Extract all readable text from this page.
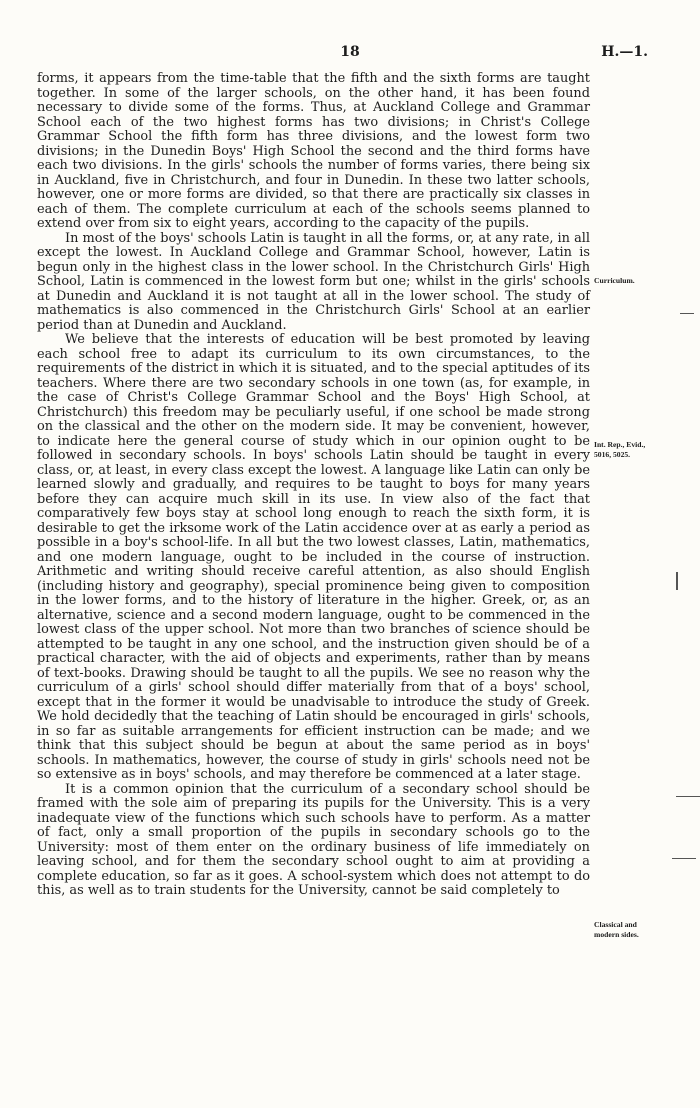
18	H.—1.

forms, it appears from the time-table that the fifth and the sixth forms are taught together. In some of the larger schools, on the other hand, it has been found necessary to divide some of the forms. Thus, at Auckland College and Grammar School each of the two highest forms has two divisions; in Christ's College Grammar School the fifth form has three divisions, and the lowest form two divisions; in the Dunedin Boys' High School the second and the third forms have each two divisions. In the girls' schools the number of forms varies, there being six in Auckland, five in Christchurch, and four in Dunedin. In these two latter schools, however, one or more forms are divided, so that there are practically six classes in each of them. The complete curriculum at each of the schools seems planned to extend over from six to eight years, according to the capacity of the pupils.

In most of the boys' schools Latin is taught in all the forms, or, at any rate, in all except the lowest. In Auckland College and Grammar School, however, Latin is begun only in the highest class in the lower school. In the Christchurch Girls' High School, Latin is commenced in the lowest form but one; whilst in the girls' schools at Dunedin and Auckland it is not taught at all in the lower school. The study of mathematics is also commenced in the Christchurch Girls' School at an earlier period than at Dunedin and Auckland.

We believe that the interests of education will be best promoted by leaving each school free to adapt its curriculum to its own circumstances, to the requirements of the district in which it is situated, and to the special aptitudes of its teachers. Where there are two secondary schools in one town (as, for example, in the case of Christ's College Grammar School and the Boys' High School, at Christchurch) this freedom may be peculiarly useful, if one school be made strong on the classical and the other on the modern side. It may be convenient, however, to indicate here the general course of study which in our opinion ought to be followed in secondary schools. In boys' schools Latin should be taught in every class, or, at least, in every class except the lowest. A language like Latin can only be learned slowly and gradually, and requires to be taught to boys for many years before they can acquire much skill in its use. In view also of the fact that comparatively few boys stay at school long enough to reach the sixth form, it is desirable to get the irksome work of the Latin accidence over at as early a period as possible in a boy's school-life. In all but the two lowest classes, Latin, mathematics, and one modern language, ought to be included in the course of instruction. Arithmetic and writing should receive careful attention, as also should English (including history and geography), special prominence being given to composition in the lower forms, and to the history of literature in the higher. Greek, or, as an alternative, science and a second modern language, ought to be commenced in the lowest class of the upper school. Not more than two branches of science should be attempted to be taught in any one school, and the instruction given should be of a practical character, with the aid of objects and experiments, rather than by means of text-books. Drawing should be taught to all the pupils. We see no reason why the curriculum of a girls' school should differ materially from that of a boys' school, except that in the former it would be unadvisable to introduce the study of Greek. We hold decidedly that the teaching of Latin should be encouraged in girls' schools, in so far as suitable arrangements for efficient instruction can be made; and we think that this subject should be begun at about the same period as in boys' schools. In mathematics, however, the course of study in girls' schools need not be so extensive as in boys' schools, and may therefore be commenced at a later stage.

It is a common opinion that the curriculum of a secondary school should be framed with the sole aim of preparing its pupils for the University. This is a very inadequate view of the functions which such schools have to perform. As a matter of fact, only a small proportion of the pupils in secondary schools go to the University: most of them enter on the ordinary business of life immediately on leaving school, and for them the secondary school ought to aim at providing a complete education, so far as it goes. A school-system which does not attempt to do this, as well as to train students for the University, cannot be said completely to

Curriculum.
Int. Rep., Evid.,
5016, 5025.
Classical and
modern sides.
